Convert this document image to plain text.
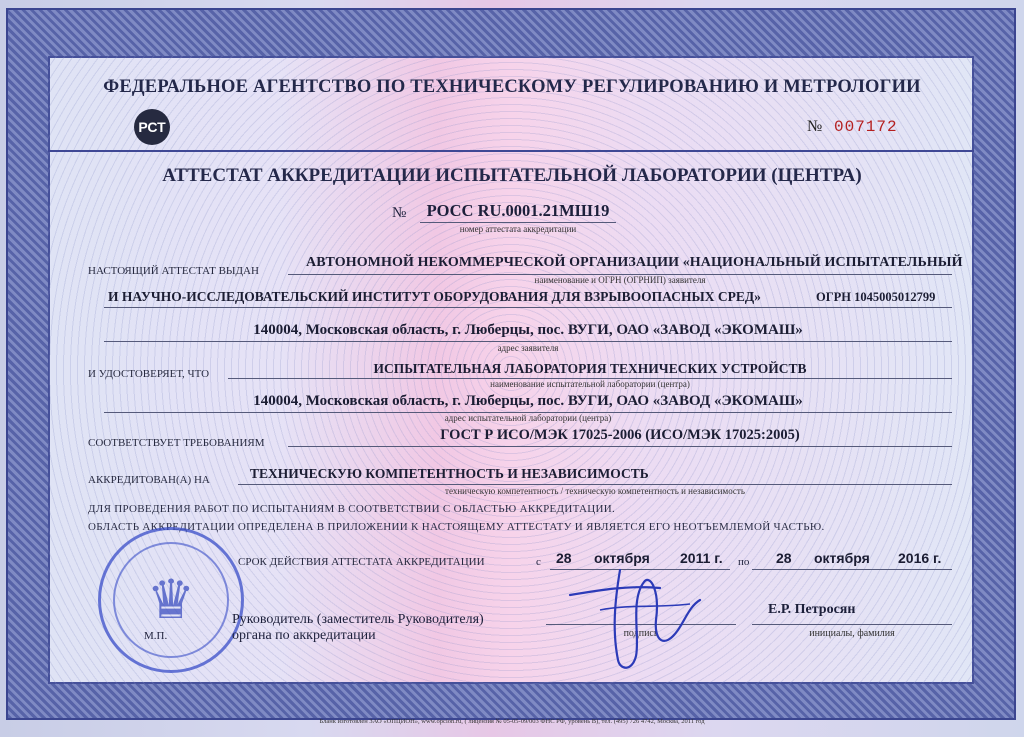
ФЕДЕРАЛЬНОЕ АГЕНТСТВО ПО ТЕХНИЧЕСКОМУ РЕГУЛИРОВАНИЮ И МЕТРОЛОГИИ
РСТ	№ 007172
АТТЕСТАТ АККРЕДИТАЦИИ ИСПЫТАТЕЛЬНОЙ ЛАБОРАТОРИИ (ЦЕНТРА)
№	РОСС RU.0001.21МШ19
номер аттестата аккредитации
НАСТОЯЩИЙ АТТЕСТАТ ВЫДАН
АВТОНОМНОЙ НЕКОММЕРЧЕСКОЙ ОРГАНИЗАЦИИ «НАЦИОНАЛЬНЫЙ ИСПЫТАТЕЛЬНЫЙ
наименование и ОГРН (ОГРНИП) заявителя
И НАУЧНО-ИССЛЕДОВАТЕЛЬСКИЙ ИНСТИТУТ ОБОРУДОВАНИЯ ДЛЯ ВЗРЫВООПАСНЫХ СРЕД»	ОГРН 1045005012799
140004, Московская область, г. Люберцы, пос. ВУГИ, ОАО «ЗАВОД «ЭКОМАШ»
адрес заявителя
И УДОСТОВЕРЯЕТ, ЧТО	ИСПЫТАТЕЛЬНАЯ ЛАБОРАТОРИЯ ТЕХНИЧЕСКИХ УСТРОЙСТВ
наименование испытательной лаборатории (центра)
140004, Московская область, г. Люберцы, пос. ВУГИ, ОАО «ЗАВОД «ЭКОМАШ»
адрес испытательной лаборатории (центра)
СООТВЕТСТВУЕТ ТРЕБОВАНИЯМ	ГОСТ Р ИСО/МЭК 17025-2006 (ИСО/МЭК 17025:2005)
АККРЕДИТОВАН(А) НА	ТЕХНИЧЕСКУЮ КОМПЕТЕНТНОСТЬ И НЕЗАВИСИМОСТЬ
техническую компетентность / техническую компетентность и независимость
ДЛЯ ПРОВЕДЕНИЯ РАБОТ ПО ИСПЫТАНИЯМ В СООТВЕТСТВИИ С ОБЛАСТЬЮ АККРЕДИТАЦИИ.
ОБЛАСТЬ АККРЕДИТАЦИИ ОПРЕДЕЛЕНА В ПРИЛОЖЕНИИ К НАСТОЯЩЕМУ АТТЕСТАТУ И ЯВЛЯЕТСЯ ЕГО НЕОТЪЕМЛЕМОЙ ЧАСТЬЮ.
♛
СРОК ДЕЙСТВИЯ АТТЕСТАТА АККРЕДИТАЦИИ	с 28 октября 2011 г. по 28 октября 2016 г.
Руководитель (заместитель Руководителя)
органа по аккредитации
М.П.	подпись
Е.Р. Петросян
инициалы, фамилия
Бланк изготовлен ЗАО «ОПЦИОН», www.opcion.ru, ( лицензия № 05-05-09/003 ФНС РФ, уровень В), тел. (495) 726 4742, Москва, 2011 год
